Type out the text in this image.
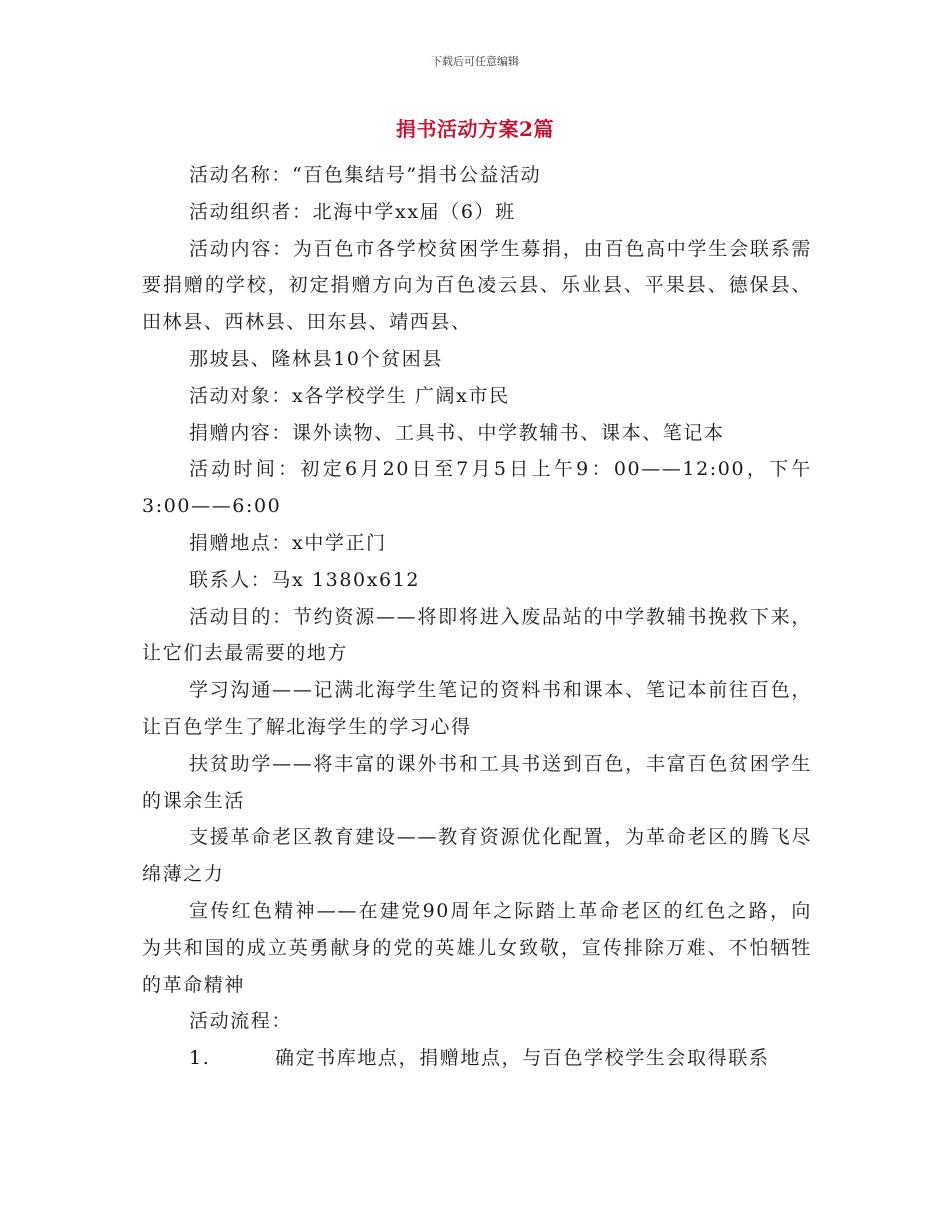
下载后可任意编辑
捐书活动方案2篇

活动名称：“百色集结号”捐书公益活动

活动组织者：北海中学xx届（6）班

活动内容：为百色市各学校贫困学生募捐，由百色高中学生会联系需要捐赠的学校，初定捐赠方向为百色凌云县、乐业县、平果县、德保县、田林县、西林县、田东县、靖西县、

那坡县、隆林县10个贫困县

活动对象：x各学校学生 广阔x市民

捐赠内容：课外读物、工具书、中学教辅书、课本、笔记本

活动时间：初定6月20日至7月5日上午9：00——12:00，下午3:00——6:00

捐赠地点：x中学正门

联系人：马x 1380x612

活动目的：节约资源——将即将进入废品站的中学教辅书挽救下来，让它们去最需要的地方

学习沟通——记满北海学生笔记的资料书和课本、笔记本前往百色，让百色学生了解北海学生的学习心得

扶贫助学——将丰富的课外书和工具书送到百色，丰富百色贫困学生的课余生活

支援革命老区教育建设——教育资源优化配置，为革命老区的腾飞尽绵薄之力

宣传红色精神——在建党90周年之际踏上革命老区的红色之路，向为共和国的成立英勇献身的党的英雄儿女致敬，宣传排除万难、不怕牺牲的革命精神

活动流程：

1.	确定书库地点，捐赠地点，与百色学校学生会取得联系
